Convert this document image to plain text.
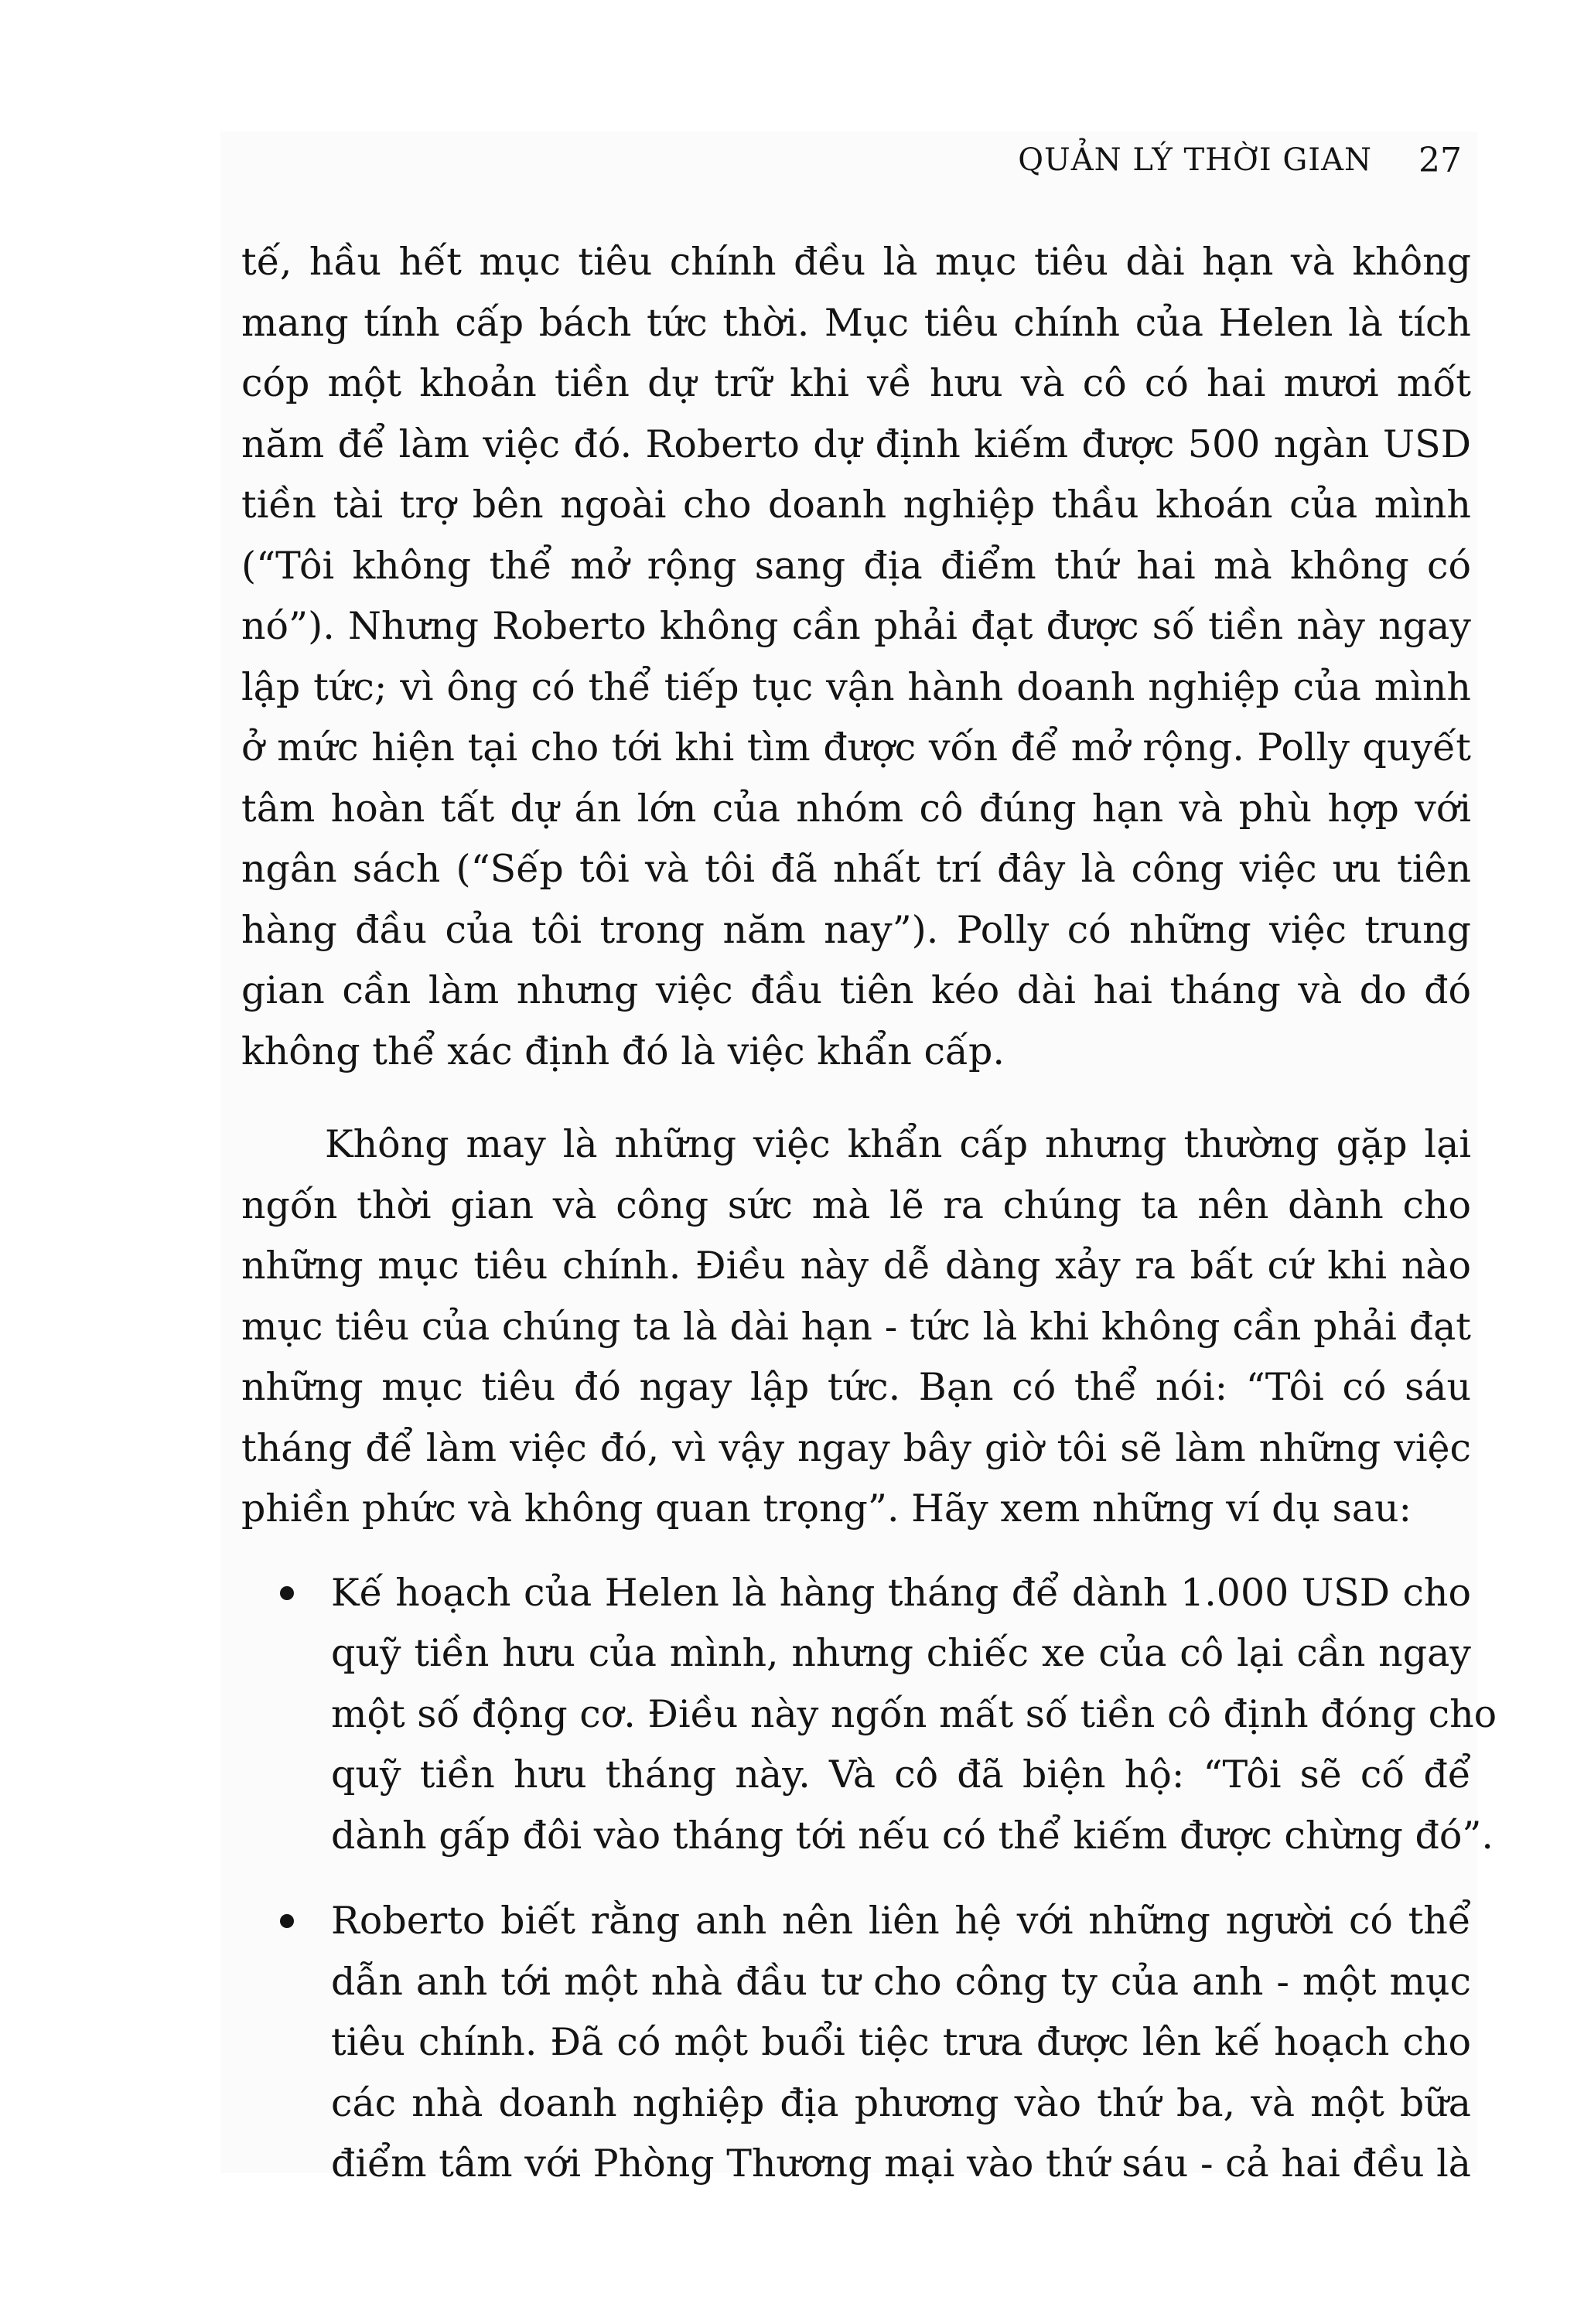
QUẢN LÝ THỜI GIAN 27
tế, hầu hết mục tiêu chính đều là mục tiêu dài hạn và không
mang tính cấp bách tức thời. Mục tiêu chính của Helen là tích
cóp một khoản tiền dự trữ khi về hưu và cô có hai mươi mốt
năm để làm việc đó. Roberto dự định kiếm được 500 ngàn USD
tiền tài trợ bên ngoài cho doanh nghiệp thầu khoán của mình
(“Tôi không thể mở rộng sang địa điểm thứ hai mà không có
nó”). Nhưng Roberto không cần phải đạt được số tiền này ngay
lập tức; vì ông có thể tiếp tục vận hành doanh nghiệp của mình
ở mức hiện tại cho tới khi tìm được vốn để mở rộng. Polly quyết
tâm hoàn tất dự án lớn của nhóm cô đúng hạn và phù hợp với
ngân sách (“Sếp tôi và tôi đã nhất trí đây là công việc ưu tiên
hàng đầu của tôi trong năm nay”). Polly có những việc trung
gian cần làm nhưng việc đầu tiên kéo dài hai tháng và do đó
không thể xác định đó là việc khẩn cấp.
Không may là những việc khẩn cấp nhưng thường gặp lại
ngốn thời gian và công sức mà lẽ ra chúng ta nên dành cho
những mục tiêu chính. Điều này dễ dàng xảy ra bất cứ khi nào
mục tiêu của chúng ta là dài hạn - tức là khi không cần phải đạt
những mục tiêu đó ngay lập tức. Bạn có thể nói: “Tôi có sáu
tháng để làm việc đó, vì vậy ngay bây giờ tôi sẽ làm những việc
phiền phức và không quan trọng”. Hãy xem những ví dụ sau:
Kế hoạch của Helen là hàng tháng để dành 1.000 USD cho
quỹ tiền hưu của mình, nhưng chiếc xe của cô lại cần ngay
một số động cơ. Điều này ngốn mất số tiền cô định đóng cho
quỹ tiền hưu tháng này. Và cô đã biện hộ: “Tôi sẽ cố để
dành gấp đôi vào tháng tới nếu có thể kiếm được chừng đó”.
Roberto biết rằng anh nên liên hệ với những người có thể
dẫn anh tới một nhà đầu tư cho công ty của anh - một mục
tiêu chính. Đã có một buổi tiệc trưa được lên kế hoạch cho
các nhà doanh nghiệp địa phương vào thứ ba, và một bữa
điểm tâm với Phòng Thương mại vào thứ sáu - cả hai đều là
